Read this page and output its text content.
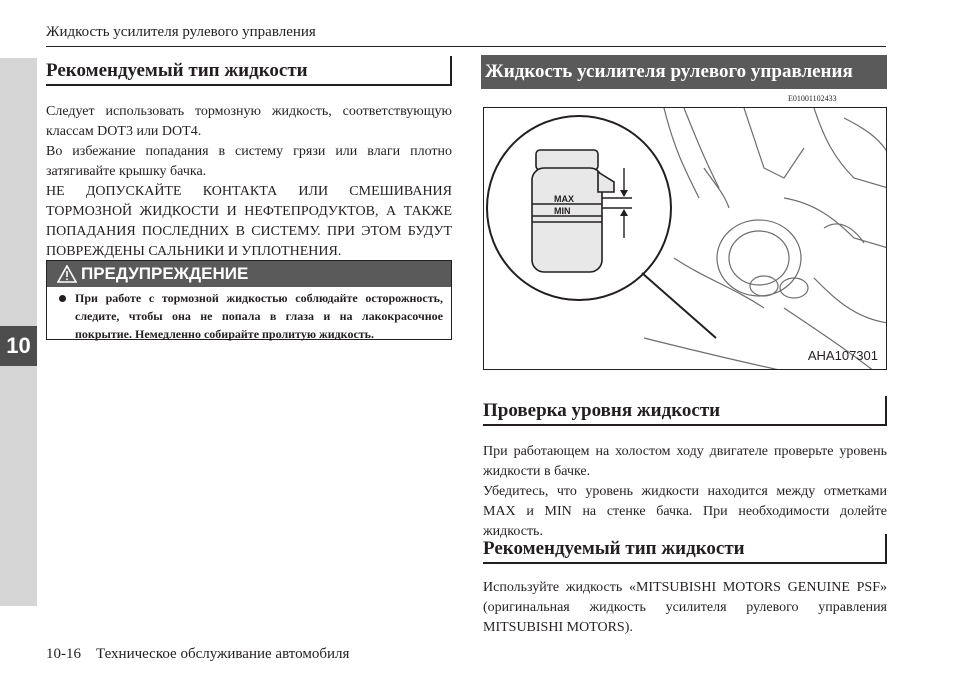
10
Жидкость усилителя рулевого управления
Рекомендуемый тип жидкости

Следует использовать тормозную жидкость, соответствующую классам DOT3 или DOT4.

Во избежание попадания в систему грязи или влаги плотно затягивайте крышку бачка.

НЕ ДОПУСКАЙТЕ КОНТАКТА ИЛИ СМЕШИВАНИЯ ТОРМОЗНОЙ ЖИДКОСТИ И НЕФТЕПРОДУКТОВ, А ТАКЖЕ ПОПАДАНИЯ ПОСЛЕДНИХ В СИСТЕМУ. ПРИ ЭТОМ БУДУТ ПОВРЕЖДЕНЫ САЛЬНИКИ И УПЛОТНЕНИЯ.

ПРЕДУПРЕЖДЕНИЕ
При работе с тормозной жидкостью соблюдайте осторожность, следите, чтобы она не попала в глаза и на лакокрасочное покрытие. Немедленно собирайте пролитую жидкость.
Жидкость усилителя рулевого управления
E01001102433
MAX
MIN
AHA107301
Проверка уровня жидкости

При работающем на холостом ходу двигателе проверьте уровень жидкости в бачке.

Убедитесь, что уровень жидкости находится между отметками MAX и MIN на стенке бачка. При необходимости долейте жидкость.

Рекомендуемый тип жидкости

Используйте жидкость «MITSUBISHI MOTORS GENUINE PSF» (оригинальная жидкость усилителя рулевого управления MITSUBISHI MOTORS).

10-16    Техническое обслуживание автомобиля
